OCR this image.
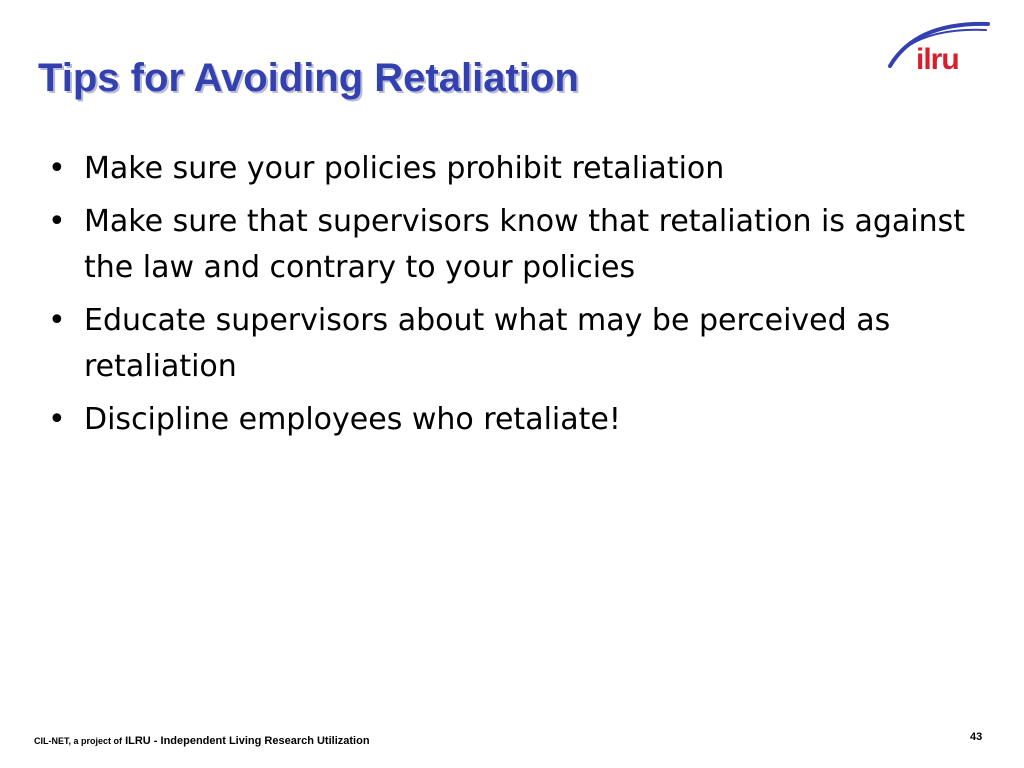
Tips for Avoiding Retaliation	ilru
• Make sure your policies prohibit retaliation
• Make sure that supervisors know that retaliation is against the law and contrary to your policies
• Educate supervisors about what may be perceived as retaliation
• Discipline employees who retaliate!
CIL-NET, a project of ILRU - Independent Living Research Utilization	43
